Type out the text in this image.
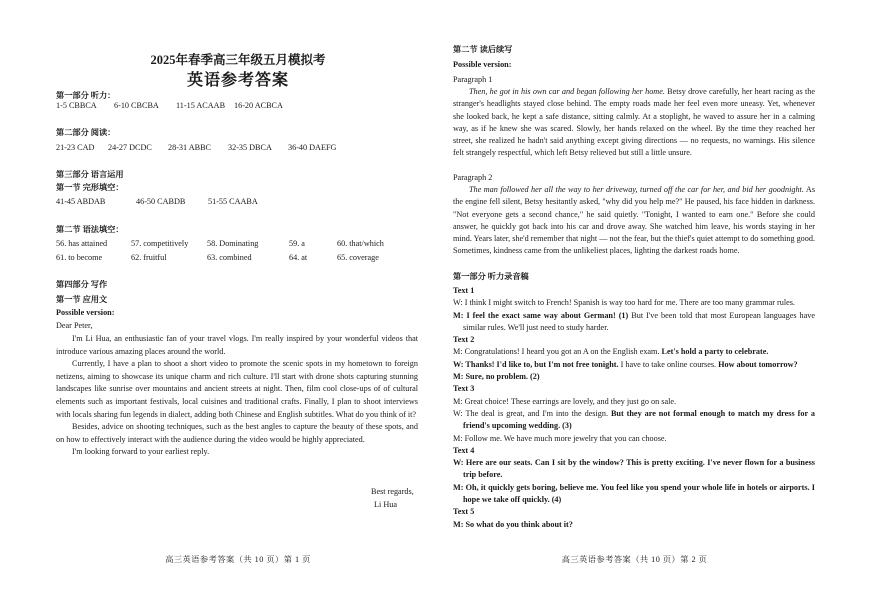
2025年春季高三年级五月模拟考
英语参考答案
第一部分 听力：
1-5 CBBCA 6-10 CBCBA 11-15 ACAAB 16-20 ACBCA
第二部分 阅读：
21-23 CAD 24-27 DCDC 28-31 ABBC 32-35 DBCA 36-40 DAEFG
第三部分 语言运用
第一节 完形填空：
41-45 ABDAB	46-50 CABDB	51-55 CAABA
第二节 语法填空：
56. has attained	57. competitively 58. Dominating	59. a	60. that/which
61. to become	62. fruitful	63. combined	64. at	65. coverage
第四部分 写作
第一节 应用文
Possible version:
Dear Peter,

I'm Li Hua, an enthusiastic fan of your travel vlogs. I'm really inspired by your wonderful videos that introduce various amazing places around the world.

Currently, I have a plan to shoot a short video to promote the scenic spots in my hometown to foreign netizens, aiming to showcase its unique charm and rich culture. I'll start with drone shots capturing stunning landscapes like sunrise over mountains and ancient streets at night. Then, film cool close-ups of of cultural elements such as important festivals, local cuisines and traditional crafts. Finally, I plan to shoot interviews with locals sharing fun legends in dialect, adding both Chinese and English subtitles. What do you think of it?

Besides, advice on shooting techniques, such as the best angles to capture the beauty of these spots, and on how to effectively interact with the audience during the video would be highly appreciated.

I'm looking forward to your earliest reply.

Best regards,
Li Hua
高三英语参考答案（共 10 页）第 1 页
第二节 读后续写
Possible version:
Paragraph 1

Then, he got in his own car and began following her home. Betsy drove carefully, her heart racing as the stranger's headlights stayed close behind. The empty roads made her feel even more uneasy. Yet, whenever she looked back, he kept a safe distance, sitting calmly. At a stoplight, he waved to assure her in a calming way, as if he knew she was scared. Slowly, her hands relaxed on the wheel. By the time they reached her street, she realized he hadn't said anything except giving directions — no requests, no warnings. His silence felt strangely respectful, which left Betsy relieved but still a little unsure.

Paragraph 2

The man followed her all the way to her driveway, turned off the car for her, and bid her goodnight. As the engine fell silent, Betsy hesitantly asked, "why did you help me?" He paused, his face hidden in darkness. "Not everyone gets a second chance," he said quietly. "Tonight, I wanted to earn one." Before she could answer, he quickly got back into his car and drove away. She watched him leave, his words staying in her mind. Years later, she'd remember that night — not the fear, but the thief's quiet attempt to do something good. Sometimes, kindness came from the unlikeliest places, lighting the darkest roads home.

第一部分 听力录音稿
Text 1
W: I think I might switch to French! Spanish is way too hard for me. There are too many grammar rules.
M: I feel the exact same way about German! (1) But I've been told that most European languages have similar rules. We'll just need to study harder.
Text 2
M: Congratulations! I heard you got an A on the English exam. Let's hold a party to celebrate.
W: Thanks! I'd like to, but I'm not free tonight. I have to take online courses. How about tomorrow?
M: Sure, no problem. (2)
Text 3
M: Great choice! These earrings are lovely, and they just go on sale.
W: The deal is great, and I'm into the design. But they are not formal enough to match my dress for a friend's upcoming wedding. (3)
M: Follow me. We have much more jewelry that you can choose.
Text 4
W: Here are our seats. Can I sit by the window? This is pretty exciting. I've never flown for a business trip before.
M: Oh, it quickly gets boring, believe me. You feel like you spend your whole life in hotels or airports. I hope we take off quickly. (4)
Text 5
M: So what do you think about it?
高三英语参考答案（共 10 页）第 2 页
